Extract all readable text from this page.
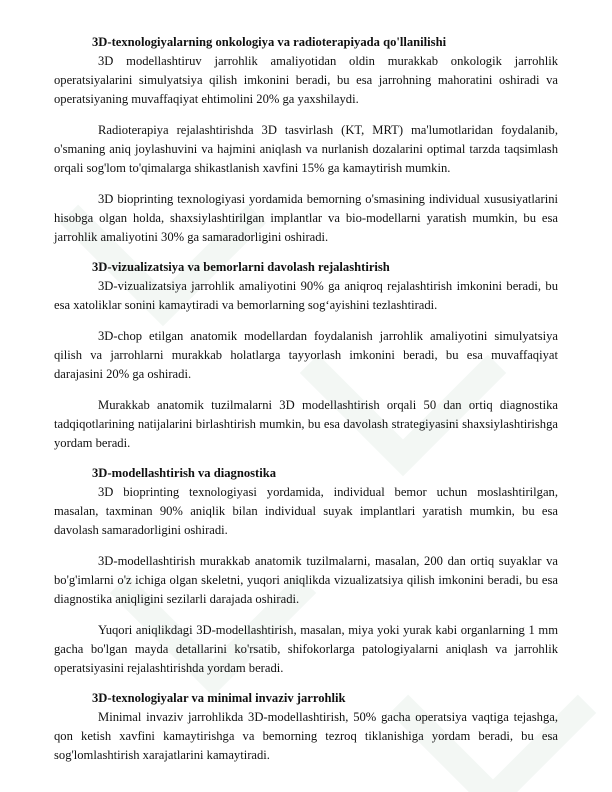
3D-texnologiyalarning onkologiya va radioterapiyada qo'llanilishi

3D modellashtiruv jarrohlik amaliyotidan oldin murakkab onkologik jarrohlik operatsiyalarini simulyatsiya qilish imkonini beradi, bu esa jarrohning mahoratini oshiradi va operatsiyaning muvaffaqiyat ehtimolini 20% ga yaxshilaydi.

Radioterapiya rejalashtirishda 3D tasvirlash (KT, MRT) ma'lumotlaridan foydalanib, o'smaning aniq joylashuvini va hajmini aniqlash va nurlanish dozalarini optimal tarzda taqsimlash orqali sog'lom to'qimalarga shikastlanish xavfini 15% ga kamaytirish mumkin.

3D bioprinting texnologiyasi yordamida bemorning o'smasining individual xususiyatlarini hisobga olgan holda, shaxsiylashtirilgan implantlar va bio-modellarni yaratish mumkin, bu esa jarrohlik amaliyotini 30% ga samaradorligini oshiradi.

3D-vizualizatsiya va bemorlarni davolash rejalashtirish

3D-vizualizatsiya jarrohlik amaliyotini 90% ga aniqroq rejalashtirish imkonini beradi, bu esa xatoliklar sonini kamaytiradi va bemorlarning sog‘ayishini tezlashtiradi.

3D-chop etilgan anatomik modellardan foydalanish jarrohlik amaliyotini simulyatsiya qilish va jarrohlarni murakkab holatlarga tayyorlash imkonini beradi, bu esa muvaffaqiyat darajasini 20% ga oshiradi.

Murakkab anatomik tuzilmalarni 3D modellashtirish orqali 50 dan ortiq diagnostika tadqiqotlarining natijalarini birlashtirish mumkin, bu esa davolash strategiyasini shaxsiylashtirishga yordam beradi.

3D-modellashtirish va diagnostika

3D bioprinting texnologiyasi yordamida, individual bemor uchun moslashtirilgan, masalan, taxminan 90% aniqlik bilan individual suyak implantlari yaratish mumkin, bu esa davolash samaradorligini oshiradi.

3D-modellashtirish murakkab anatomik tuzilmalarni, masalan, 200 dan ortiq suyaklar va bo'g'imlarni o'z ichiga olgan skeletni, yuqori aniqlikda vizualizatsiya qilish imkonini beradi, bu esa diagnostika aniqligini sezilarli darajada oshiradi.

Yuqori aniqlikdagi 3D-modellashtirish, masalan, miya yoki yurak kabi organlarning 1 mm gacha bo'lgan mayda detallarini ko'rsatib, shifokorlarga patologiyalarni aniqlash va jarrohlik operatsiyasini rejalashtirishda yordam beradi.

3D-texnologiyalar va minimal invaziv jarrohlik

Minimal invaziv jarrohlikda 3D-modellashtirish, 50% gacha operatsiya vaqtiga tejashga, qon ketish xavfini kamaytirishga va bemorning tezroq tiklanishiga yordam beradi, bu esa sog'lomlashtirish xarajatlarini kamaytiradi.
